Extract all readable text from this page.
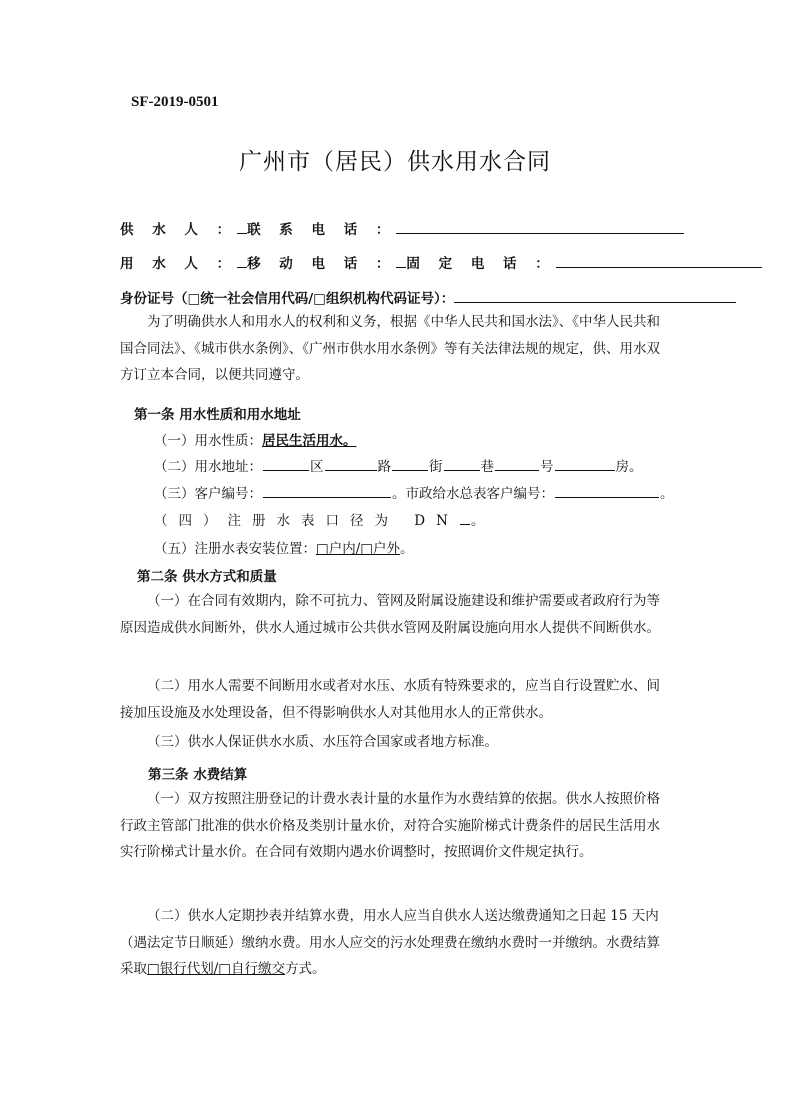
SF-2019-0501
广州市（居民）供水用水合同
供 水 人 ： 联 系 电 话 ：
用 水 人 ： 移 动 电 话 ： 固 定 电 话 ：
身份证号（□统一社会信用代码/□组织机构代码证号）：
为了明确供水人和用水人的权利和义务，根据《中华人民共和国水法》、《中华人民共和国合同法》、《城市供水条例》、《广州市供水用水条例》等有关法律法规的规定，供、用水双方订立本合同，以便共同遵守。
第一条 用水性质和用水地址
（一）用水性质：居民生活用水。
（二）用水地址：	区	路	街	巷	号	房。
（三）客户编号：	。市政给水总表客户编号：	。
（四）注册水表口径为 DN 。
（五）注册水表安装位置：□户内/□户外。
第二条 供水方式和质量
（一）在合同有效期内，除不可抗力、管网及附属设施建设和维护需要或者政府行为等原因造成供水间断外，供水人通过城市公共供水管网及附属设施向用水人提供不间断供水。
（二）用水人需要不间断用水或者对水压、水质有特殊要求的，应当自行设置贮水、间接加压设施及水处理设备，但不得影响供水人对其他用水人的正常供水。
（三）供水人保证供水水质、水压符合国家或者地方标准。
第三条 水费结算
（一）双方按照注册登记的计费水表计量的水量作为水费结算的依据。供水人按照价格行政主管部门批准的供水价格及类别计量水价，对符合实施阶梯式计费条件的居民生活用水实行阶梯式计量水价。在合同有效期内遇水价调整时，按照调价文件规定执行。
（二）供水人定期抄表并结算水费，用水人应当自供水人送达缴费通知之日起 15 天内（遇法定节日顺延）缴纳水费。用水人应交的污水处理费在缴纳水费时一并缴纳。水费结算采取□银行代划/□自行缴交方式。
